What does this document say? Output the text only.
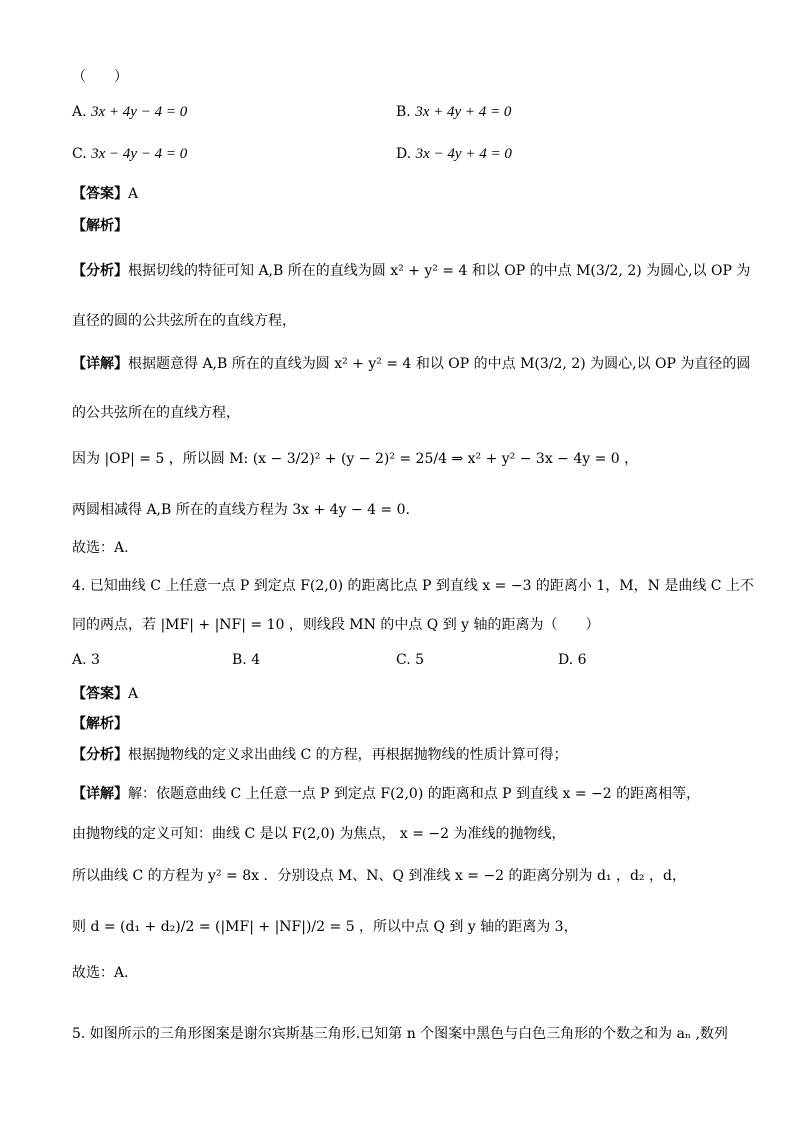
（　　）
A. 3x + 4y − 4 = 0	B. 3x + 4y + 4 = 0
C. 3x − 4y − 4 = 0	D. 3x − 4y + 4 = 0
【答案】A
【解析】
【分析】根据切线的特征可知 A,B 所在的直线为圆 x² + y² = 4 和以 OP 的中点 M(3/2, 2) 为圆心,以 OP 为
直径的圆的公共弦所在的直线方程，
【详解】根据题意得 A,B 所在的直线为圆 x² + y² = 4 和以 OP 的中点 M(3/2, 2) 为圆心,以 OP 为直径的圆
的公共弦所在的直线方程，
因为 |OP| = 5 ，所以圆 M: (x − 3/2)² + (y − 2)² = 25/4 ⇒ x² + y² − 3x − 4y = 0 ，
两圆相减得 A,B 所在的直线方程为 3x + 4y − 4 = 0.
故选：A.
4. 已知曲线 C 上任意一点 P 到定点 F(2,0) 的距离比点 P 到直线 x = −3 的距离小 1，M，N 是曲线 C 上不
同的两点，若 |MF| + |NF| = 10 ，则线段 MN 的中点 Q 到 y 轴的距离为（　　）
A. 3	B. 4	C. 5	D. 6
【答案】A
【解析】
【分析】根据抛物线的定义求出曲线 C 的方程，再根据抛物线的性质计算可得；
【详解】解：依题意曲线 C 上任意一点 P 到定点 F(2,0) 的距离和点 P 到直线 x = −2 的距离相等，
由抛物线的定义可知：曲线 C 是以 F(2,0) 为焦点， x = −2 为准线的抛物线，
所以曲线 C 的方程为 y² = 8x ．分别设点 M、N、Q 到准线 x = −2 的距离分别为 d₁ ，d₂ ，d，
则 d = (d₁ + d₂)/2 = (|MF| + |NF|)/2 = 5 ，所以中点 Q 到 y 轴的距离为 3，
故选：A．
5. 如图所示的三角形图案是谢尔宾斯基三角形.已知第 n 个图案中黑色与白色三角形的个数之和为 aₙ ,数列
